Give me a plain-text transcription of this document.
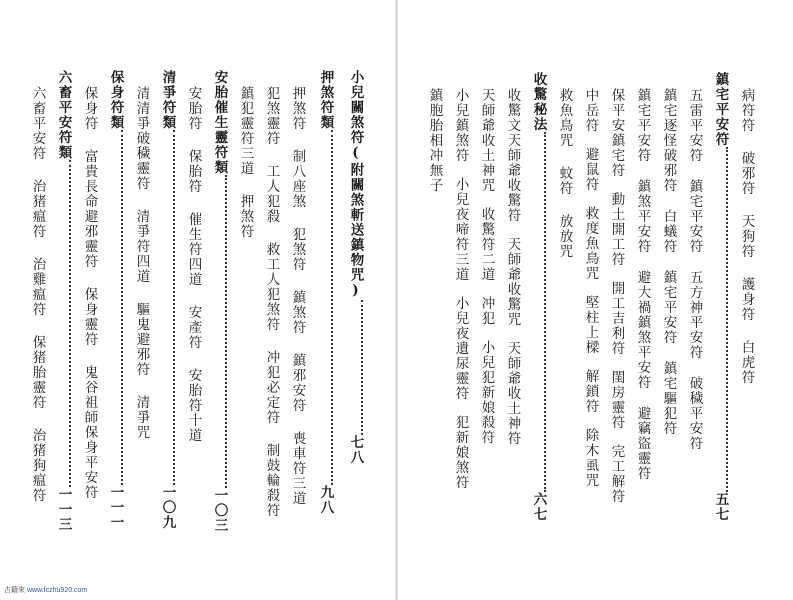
小兒關煞符(附關煞斬送鎮物咒)七八
押煞符類九八
押煞符制八座煞犯煞符鎮煞符鎮邪安符喪車符三道
犯煞靈符工人犯殺救工人犯煞符冲犯必定符制鼓輪殺符
鎮犯靈符三道押煞符
安胎催生靈符類一〇三
安胎符保胎符催生符四道安產符安胎符十道
清爭符類一〇九
清清爭破穢靈符清爭符四道驅鬼避邪符清爭咒
保身符類一一一
保身符富貴長命避邪靈符保身靈符鬼谷祖師保身平安符
六畜平安符類一一三
六畜平安符治猪瘟符治雞瘟符保猪胎靈符治猪狗瘟符
病符符破邪符天狗符護身符白虎符
鎮宅平安符五七
五雷平安符鎮宅平安符五方神平安符破穢平安符
鎮宅逐怪破邪符白蟻符鎮宅平安符鎮宅驅犯符
鎮宅平安符鎮煞平安符避大禍鎮煞平安符避竊盜靈符
保平安鎮宅符動土開工符開工吉利符閨房靈符完工解符
中岳符避鼠符救度魚鳥咒堅柱上樑解鎖符除木虱咒
救魚鳥咒蚊符放放咒
收驚秘法六七
收驚文天師爺收驚符天師爺收驚咒天師爺收土神符
天師爺收土神咒收驚符二道冲犯小兒犯新娘殺符
小兒鎮煞符小兒夜啼符三道小兒夜遺尿靈符犯新娘煞符
鎮胞胎相冲無子
古籍來 www.fczhu920.com
